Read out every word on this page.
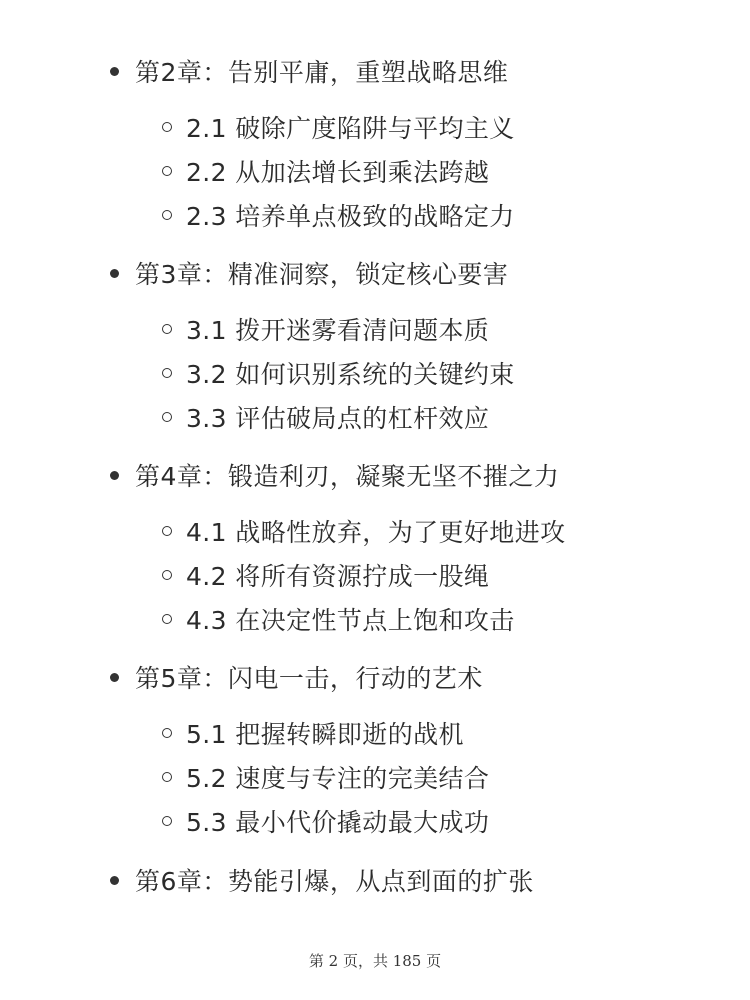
第2章：告别平庸，重塑战略思维
2.1 破除广度陷阱与平均主义
2.2 从加法增长到乘法跨越
2.3 培养单点极致的战略定力
第3章：精准洞察，锁定核心要害
3.1 拨开迷雾看清问题本质
3.2 如何识别系统的关键约束
3.3 评估破局点的杠杆效应
第4章：锻造利刃，凝聚无坚不摧之力
4.1 战略性放弃，为了更好地进攻
4.2 将所有资源拧成一股绳
4.3 在决定性节点上饱和攻击
第5章：闪电一击，行动的艺术
5.1 把握转瞬即逝的战机
5.2 速度与专注的完美结合
5.3 最小代价撬动最大成功
第6章：势能引爆，从点到面的扩张
第 2 页，共 185 页
